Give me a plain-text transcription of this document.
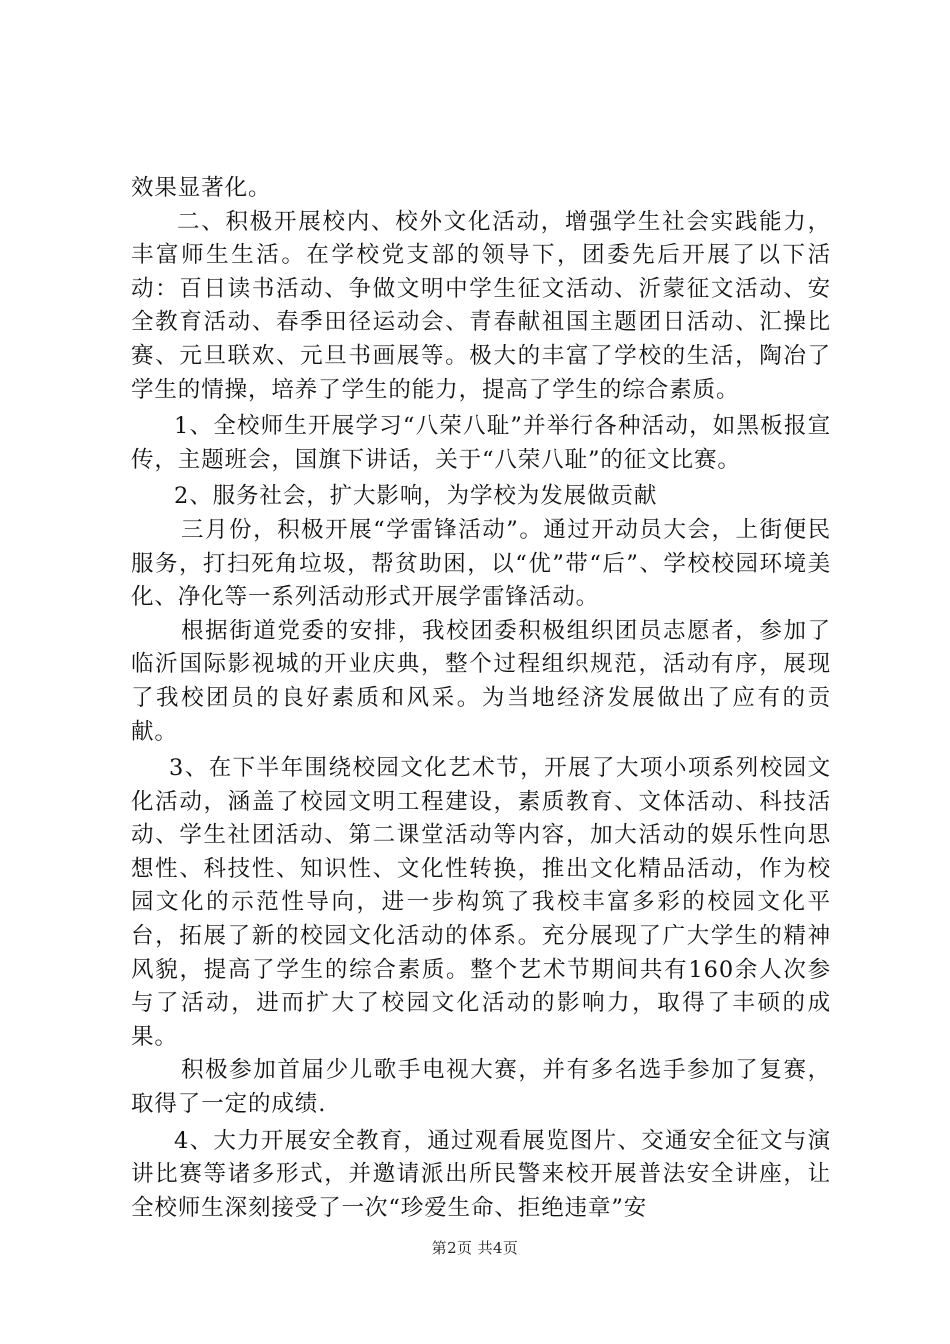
效果显著化。

二、积极开展校内、校外文化活动，增强学生社会实践能力，丰富师生生活。在学校党支部的领导下，团委先后开展了以下活动：百日读书活动、争做文明中学生征文活动、沂蒙征文活动、安全教育活动、春季田径运动会、青春献祖国主题团日活动、汇操比赛、元旦联欢、元旦书画展等。极大的丰富了学校的生活，陶冶了学生的情操，培养了学生的能力，提高了学生的综合素质。

1、全校师生开展学习“八荣八耻”并举行各种活动，如黑板报宣传，主题班会，国旗下讲话，关于“八荣八耻”的征文比赛。

2、服务社会，扩大影响，为学校为发展做贡献

三月份，积极开展“学雷锋活动”。通过开动员大会，上街便民服务，打扫死角垃圾，帮贫助困，以“优”带“后”、学校校园环境美化、净化等一系列活动形式开展学雷锋活动。

根据街道党委的安排，我校团委积极组织团员志愿者，参加了临沂国际影视城的开业庆典，整个过程组织规范，活动有序，展现了我校团员的良好素质和风采。为当地经济发展做出了应有的贡献。

3、在下半年围绕校园文化艺术节，开展了大项小项系列校园文化活动，涵盖了校园文明工程建设，素质教育、文体活动、科技活动、学生社团活动、第二课堂活动等内容，加大活动的娱乐性向思想性、科技性、知识性、文化性转换，推出文化精品活动，作为校园文化的示范性导向，进一步构筑了我校丰富多彩的校园文化平台，拓展了新的校园文化活动的体系。充分展现了广大学生的精神风貌，提高了学生的综合素质。整个艺术节期间共有160余人次参与了活动，进而扩大了校园文化活动的影响力，取得了丰硕的成果。

积极参加首届少儿歌手电视大赛，并有多名选手参加了复赛，取得了一定的成绩.

4、大力开展安全教育，通过观看展览图片、交通安全征文与演讲比赛等诸多形式，并邀请派出所民警来校开展普法安全讲座，让全校师生深刻接受了一次“珍爱生命、拒绝违章”安

第2页 共4页
